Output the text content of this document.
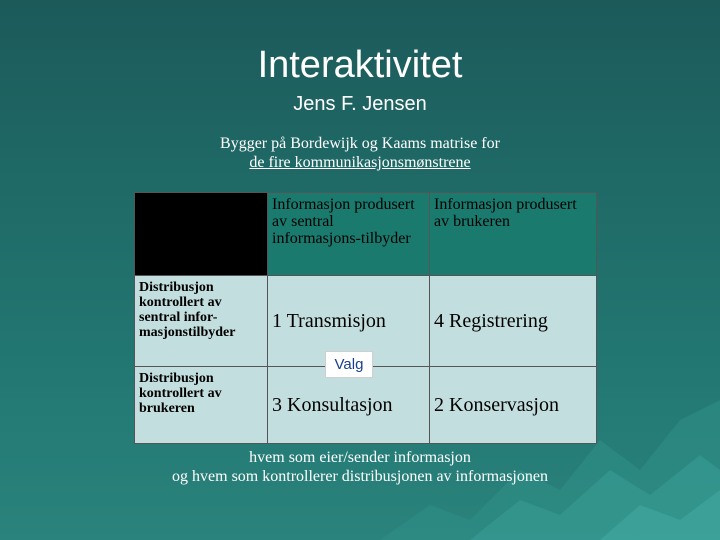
Interaktivitet
Jens F. Jensen
Bygger på Bordewijk og Kaams matrise for
de fire kommunikasjonsmønstrene
	Informasjon produsert av sentral informasjons-tilbyder	Informasjon produsert av brukeren
Distribusjon kontrollert av sentral infor-masjonstilbyder	1 Transmisjon	4 Registrering
Distribusjon kontrollert av brukeren	3 Konsultasjon	2 Konservasjon
Valg
hvem som eier/sender informasjon
og hvem som kontrollerer distribusjonen av informasjonen
